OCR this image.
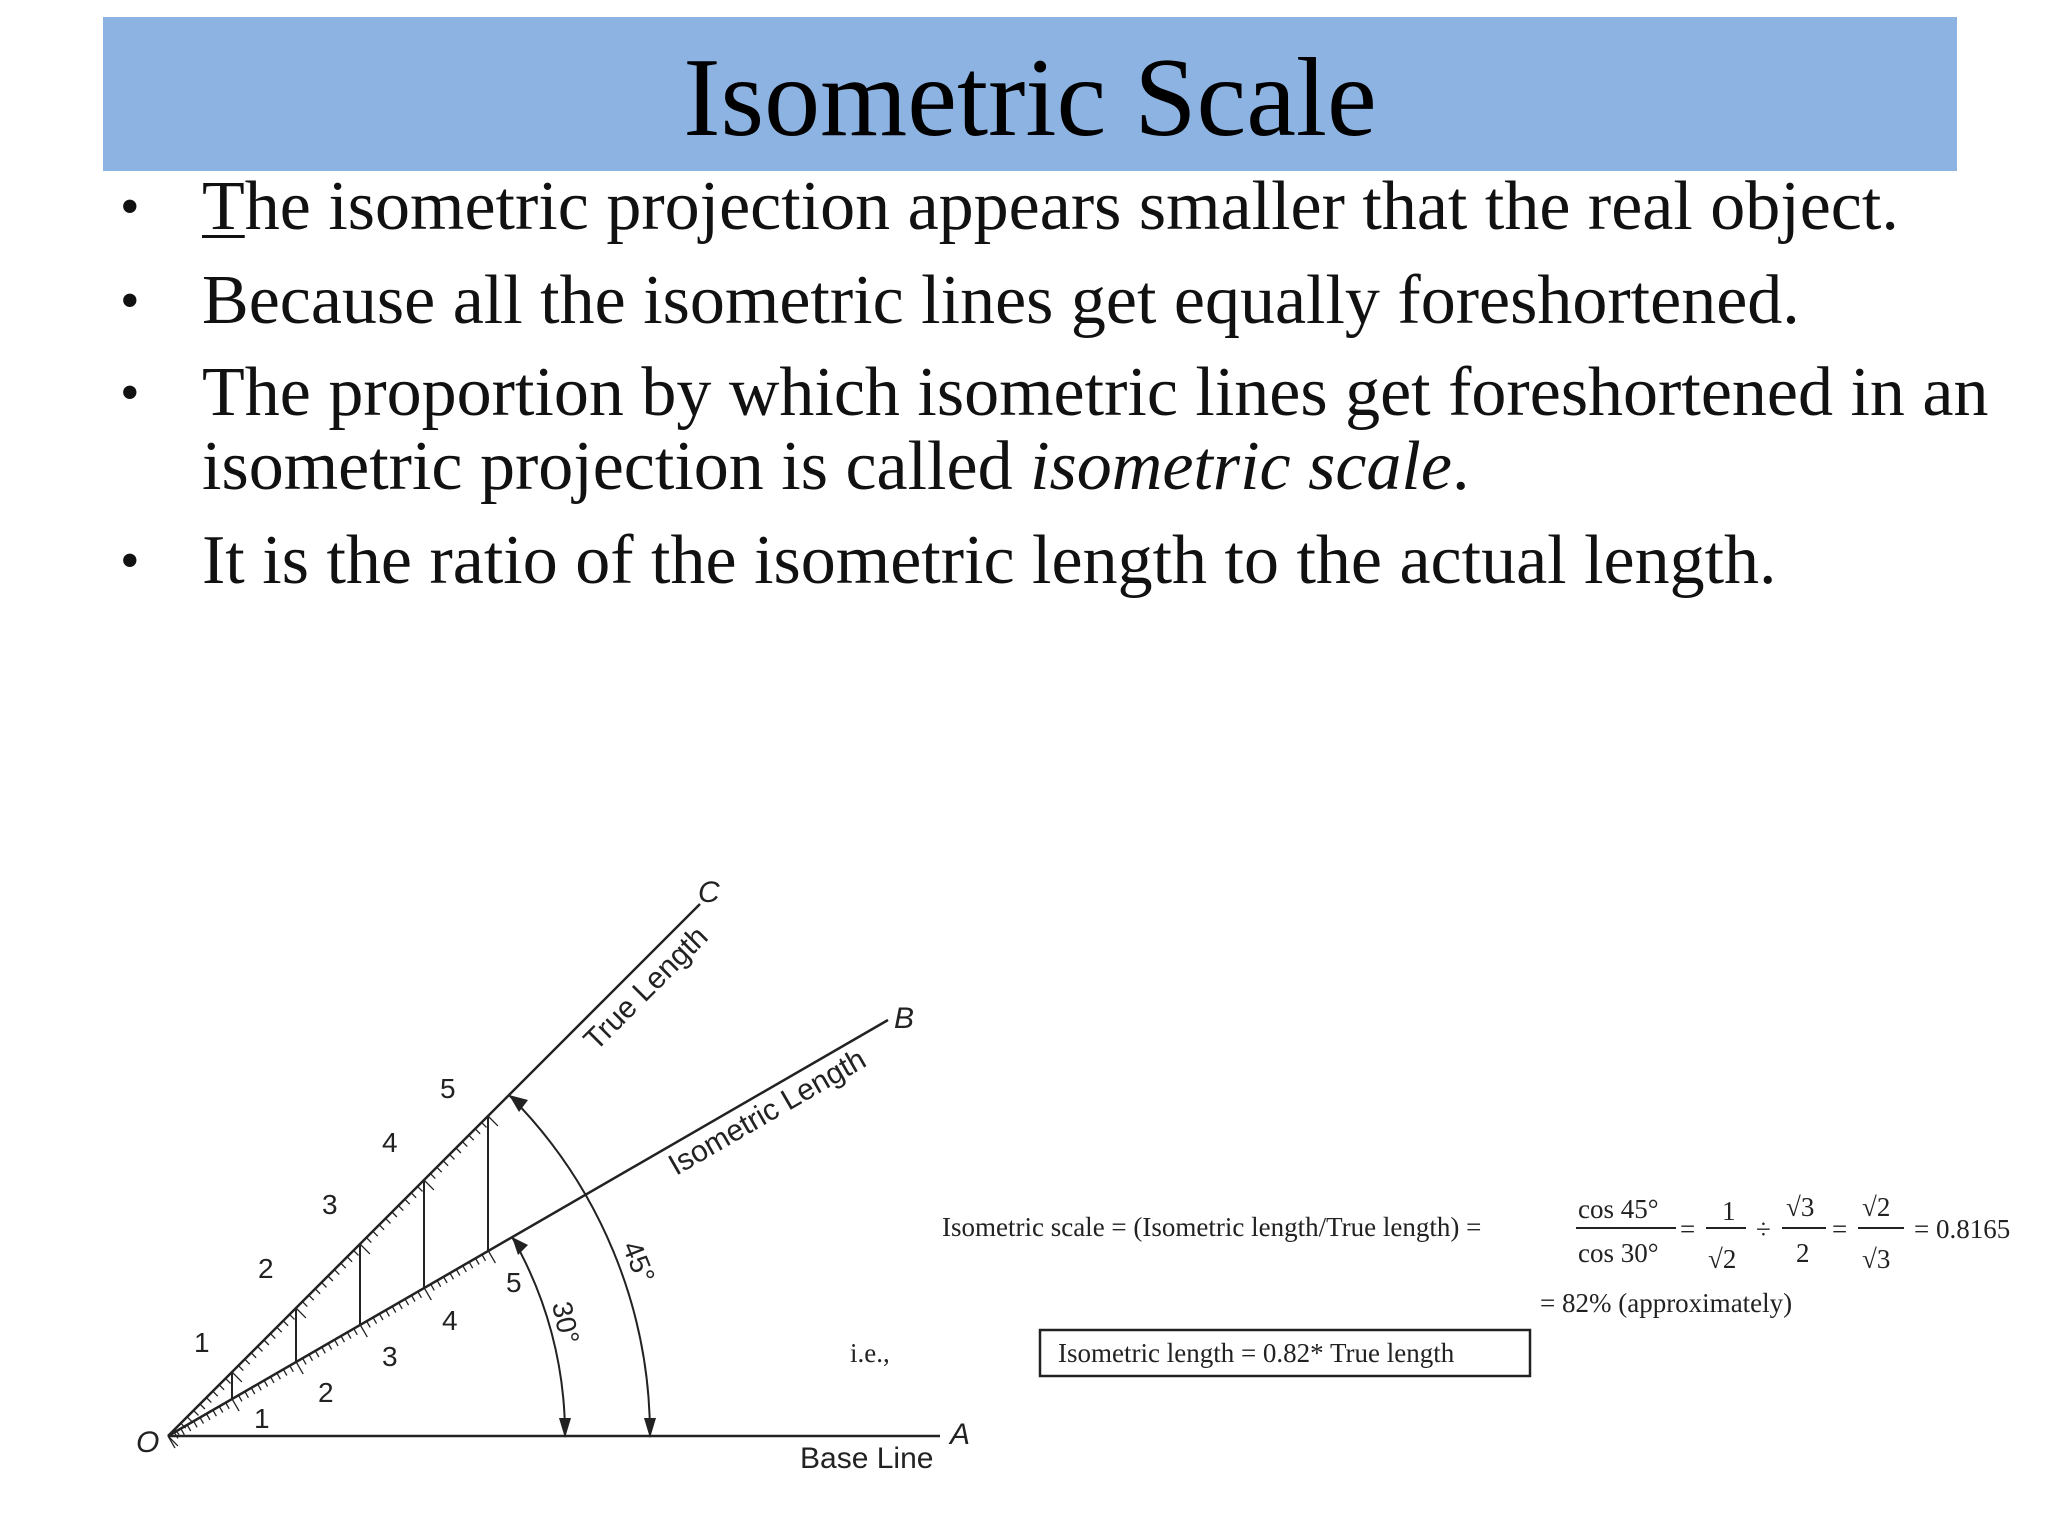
Isometric Scale
• The isometric projection appears smaller that the real object.
• Because all the isometric lines get equally foreshortened.
• The proportion by which isometric lines get foreshortened in an isometric projection is called isometric scale.
• It is the ratio of the isometric length to the actual length.
O	A
B
C
Base Line
True Length
Isometric Length
30°
45°
1
2
3
4
5
1
2
3
4
5
Isometric scale = (Isometric length/True length) =
cos 45°
cos 30°
=
1
√2
÷
√3
2
=
√2
√3
= 0.8165
= 82% (approximately)
i.e.,	Isometric length = 0.82* True length
